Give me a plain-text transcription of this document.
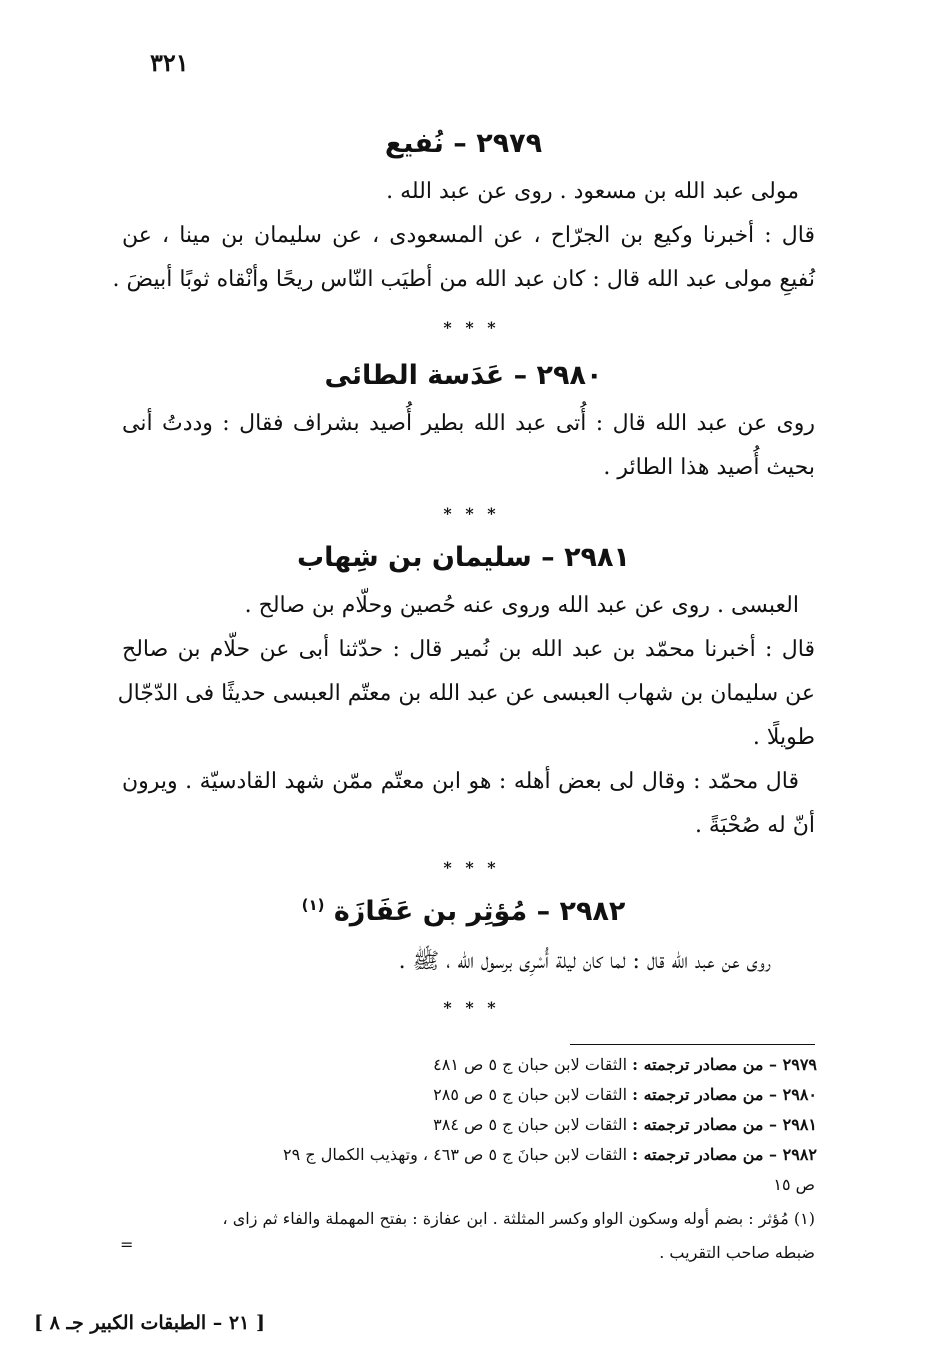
٣٢١
٢٩٧٩ – نُفيع
مولى عبد الله بن مسعود . روى عن عبد الله .
قال : أخبرنا وكيع بن الجرّاح ، عن المسعودى ، عن سليمان بن مينا ، عن
نُفيعِ مولى عبد الله قال : كان عبد الله من أطيَب النّاس ريحًا وأنْقاه ثوبًا أبيضَ .
* * *
٢٩٨٠ – عَدَسة الطائى
روى عن عبد الله قال : أُتى عبد الله بطير أُصيد بشراف فقال : وددتُ أنى
بحيث أُصيد هذا الطائر .
* * *
٢٩٨١ – سليمان بن شِهاب
العبسى . روى عن عبد الله وروى عنه حُصين وحلّام بن صالح .
قال : أخبرنا محمّد بن عبد الله بن نُمير قال : حدّثنا أبى عن حلّام بن صالح
عن سليمان بن شهاب العبسى عن عبد الله بن معتّم العبسى حديثًا فى الدّجّال
طويلًا .
قال محمّد : وقال لى بعض أهله : هو ابن معتّم ممّن شهد القادسيّة . ويرون
أنّ له صُحْبَةً .
* * *
٢٩٨٢ – مُؤثِر بن عَفَازَة $^{(١)}$
روى عن عبد الله قال : لما كان ليلة أُسْرِى برسول الله ، ﷺ .
* * *
٢٩٧٩ – من مصادر ترجمته : الثقات لابن حبان ج ٥ ص ٤٨١
٢٩٨٠ – من مصادر ترجمته : الثقات لابن حبان ج ٥ ص ٢٨٥
٢٩٨١ – من مصادر ترجمته : الثقات لابن حبان ج ٥ ص ٣٨٤
٢٩٨٢ – من مصادر ترجمته : الثقات لابن حبانَ ج ٥ ص ٤٦٣ ، وتهذيب الكمال ج ٢٩
ص ١٥
(١) مُؤثر : بضم أوله وسكون الواو وكسر المثلثة . ابن عفازة : بفتح المهملة والفاء ثم زاى ،
=	ضبطه صاحب التقريب .
[ ٢١ – الطبقات الكبير جـ ٨ ]
